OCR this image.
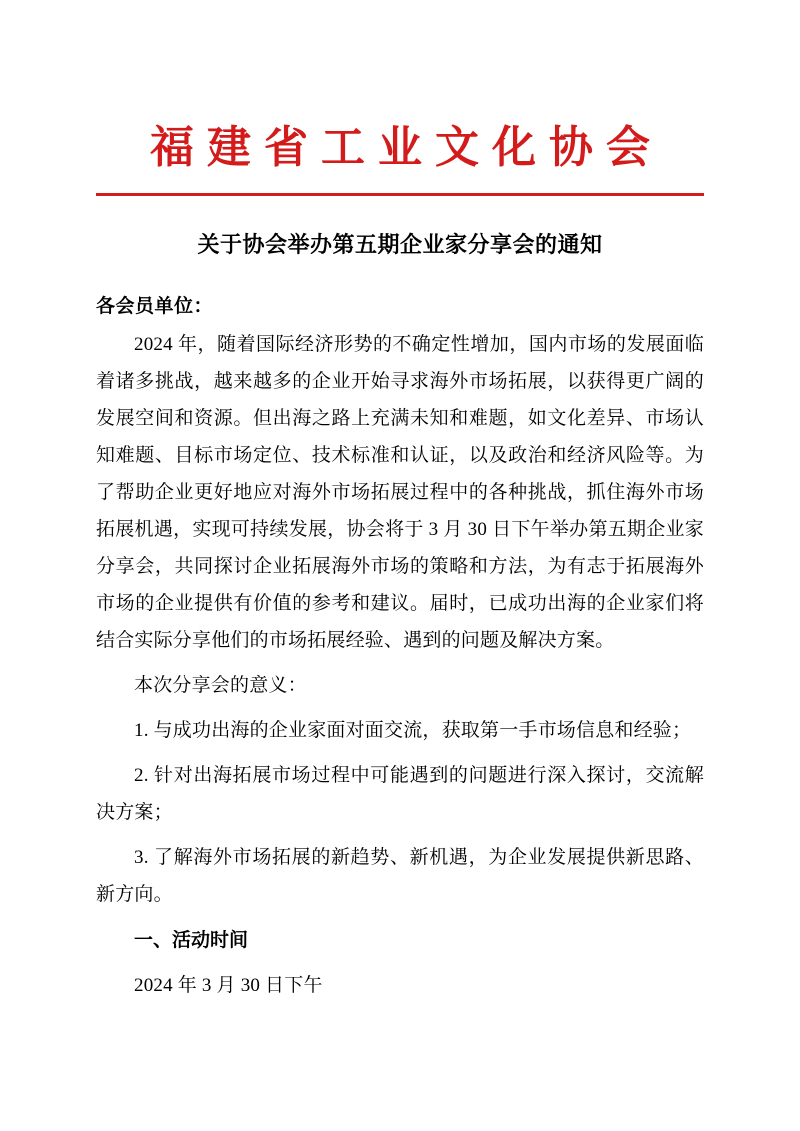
福建省工业文化协会
关于协会举办第五期企业家分享会的通知
各会员单位：

2024 年，随着国际经济形势的不确定性增加，国内市场的发展面临着诸多挑战，越来越多的企业开始寻求海外市场拓展，以获得更广阔的发展空间和资源。但出海之路上充满未知和难题，如文化差异、市场认知难题、目标市场定位、技术标准和认证，以及政治和经济风险等。为了帮助企业更好地应对海外市场拓展过程中的各种挑战，抓住海外市场拓展机遇，实现可持续发展，协会将于 3 月 30 日下午举办第五期企业家分享会，共同探讨企业拓展海外市场的策略和方法，为有志于拓展海外市场的企业提供有价值的参考和建议。届时，已成功出海的企业家们将结合实际分享他们的市场拓展经验、遇到的问题及解决方案。

本次分享会的意义：

1. 与成功出海的企业家面对面交流，获取第一手市场信息和经验；

2. 针对出海拓展市场过程中可能遇到的问题进行深入探讨，交流解决方案；

3. 了解海外市场拓展的新趋势、新机遇，为企业发展提供新思路、新方向。

一、活动时间

2024 年 3 月 30 日下午
